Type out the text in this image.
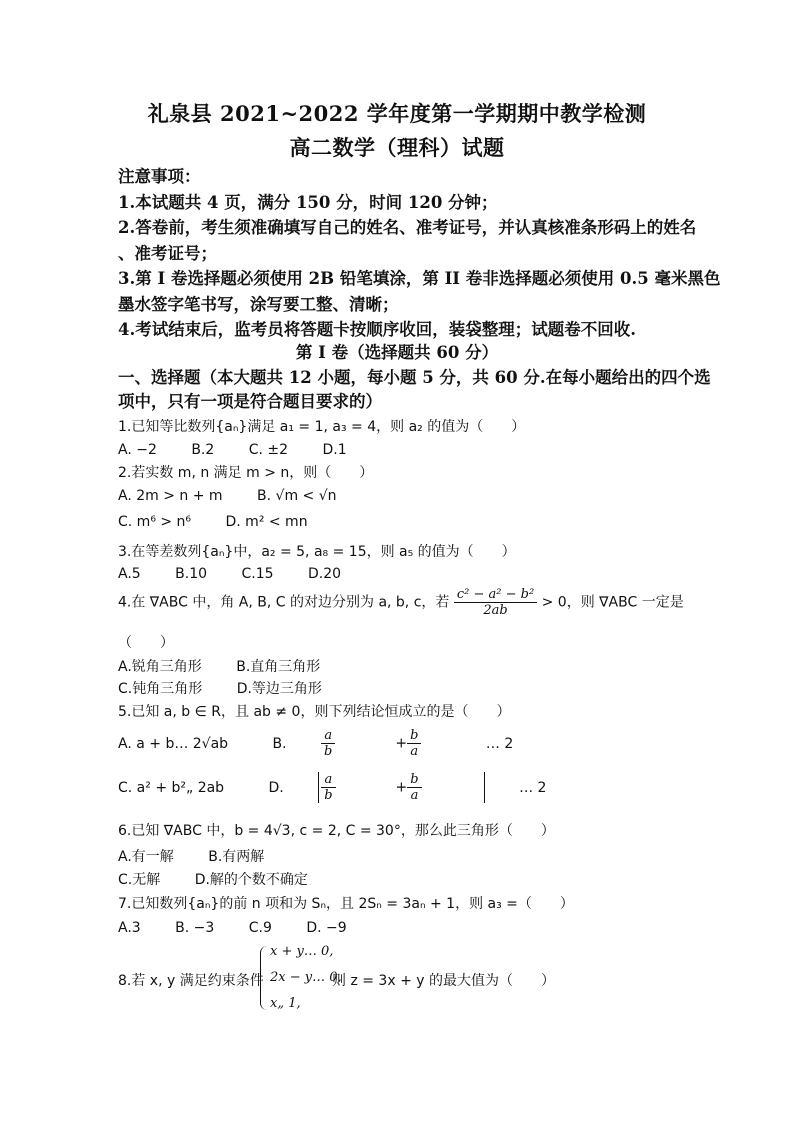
礼泉县 2021~2022 学年度第一学期期中教学检测
高二数学（理科）试题
注意事项：
1.本试题共 4 页，满分 150 分，时间 120 分钟；
2.答卷前，考生须准确填写自己的姓名、准考证号，并认真核准条形码上的姓名
、准考证号；
3.第 I 卷选择题必须使用 2B 铅笔填涂，第 II 卷非选择题必须使用 0.5 毫米黑色
墨水签字笔书写，涂写要工整、清晰；
4.考试结束后，监考员将答题卡按顺序收回，装袋整理；试题卷不回收.
第 I 卷（选择题共 60 分）
一、选择题（本大题共 12 小题，每小题 5 分，共 60 分.在每小题给出的四个选
项中，只有一项是符合题目要求的）
1.已知等比数列{aₙ}满足 a₁ = 1, a₃ = 4，则 a₂ 的值为（　　）
A. −2 B.2 C. ±2 D.1
2.若实数 m, n 满足 m > n，则（　　）
A. 2m > n + m B. √m < √n
C. m⁶ > n⁶ D. m² < mn
3.在等差数列{aₙ}中，a₂ = 5, a₈ = 15，则 a₅ 的值为（　　）
A.5 B.10 C.15 D.20
4.在 ∇ABC 中，角 A, B, C 的对边分别为 a, b, c，若 $\frac{\text{c² − a² − b²}}{2ab} > 0$，则 ∇ABC 一定是
（　　）
A.锐角三角形 B.直角三角形
C.钝角三角形 D.等边三角形
5.已知 a, b ∈ R，且 ab ≠ 0，则下列结论恒成立的是（　　）
A. a + b… 2√ab	B.	$\frac{a}{b} + \frac{b}{a}$ … 2
C. a² + b²„ 2ab	D.	$\frac{a}{b} + \frac{b}{a}$	… 2
6.已知 ∇ABC 中，b = 4√3, c = 2, C = 30°，那么此三角形（　　）
A.有一解 B.有两解
C.无解 D.解的个数不确定
7.已知数列{aₙ}的前 n 项和为 Sₙ，且 2Sₙ = 3aₙ + 1，则 a₃ =（　　）
A.3 B. −3 C.9 D. −9
8.若 x, y 满足约束条件
x + y… 0,
2x − y… 0,
x„ 1,
则 z = 3x + y 的最大值为（　　）
